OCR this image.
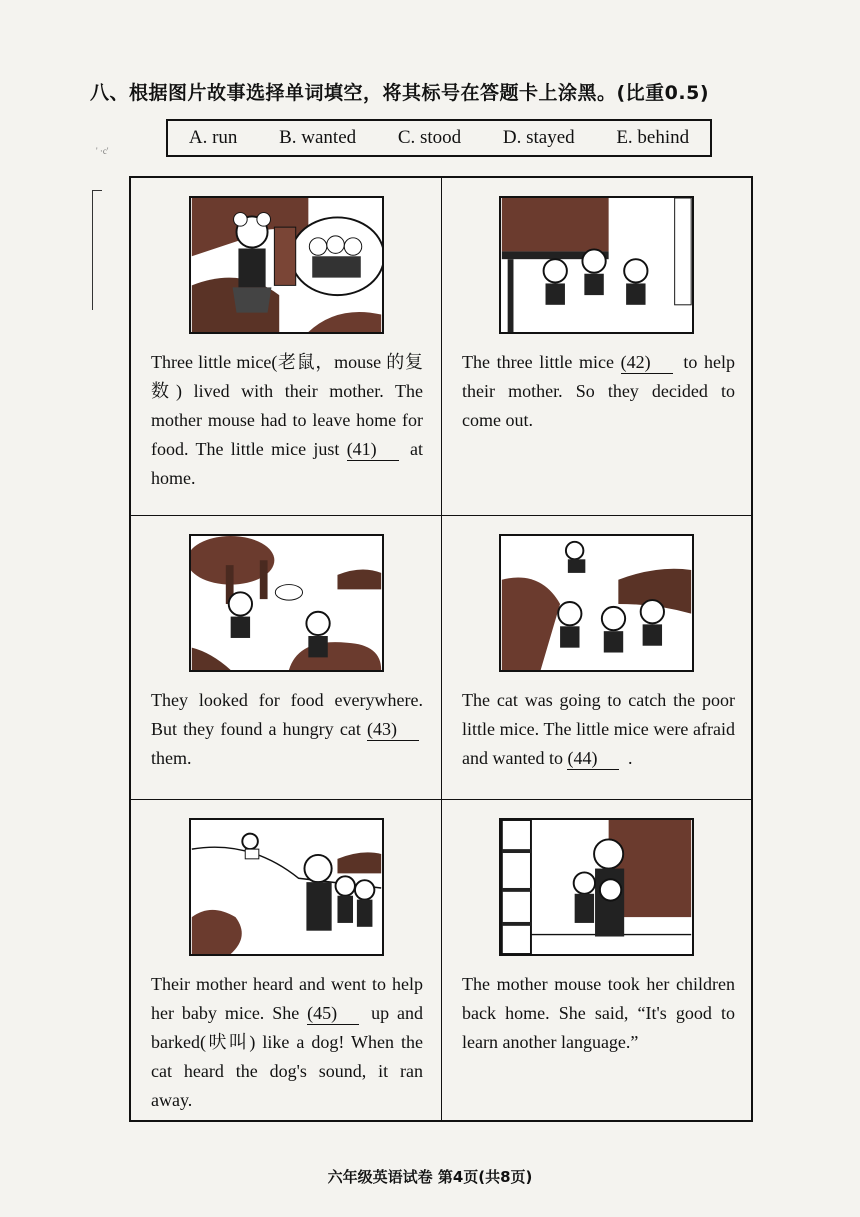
八、根据图片故事选择单词填空，将其标号在答题卡上涂黑。(比重0.5)
A. run B. wanted C. stood D. stayed E. behind
' ·c'
Three little mice(老鼠，mouse 的复数) lived with their mother. The mother mouse had to leave home for food. The little mice just (41) at home.
The three little mice (42) to help their mother. So they decided to come out.
They looked for food everywhere. But they found a hungry cat (43) them.
The cat was going to catch the poor little mice. The little mice were afraid and wanted to (44) .
Their mother heard and went to help her baby mice. She (45) up and barked(吠叫) like a dog! When the cat heard the dog's sound, it ran away.
The mother mouse took her children back home. She said, “It's good to learn another language.”
六年级英语试卷 第4页(共8页)
